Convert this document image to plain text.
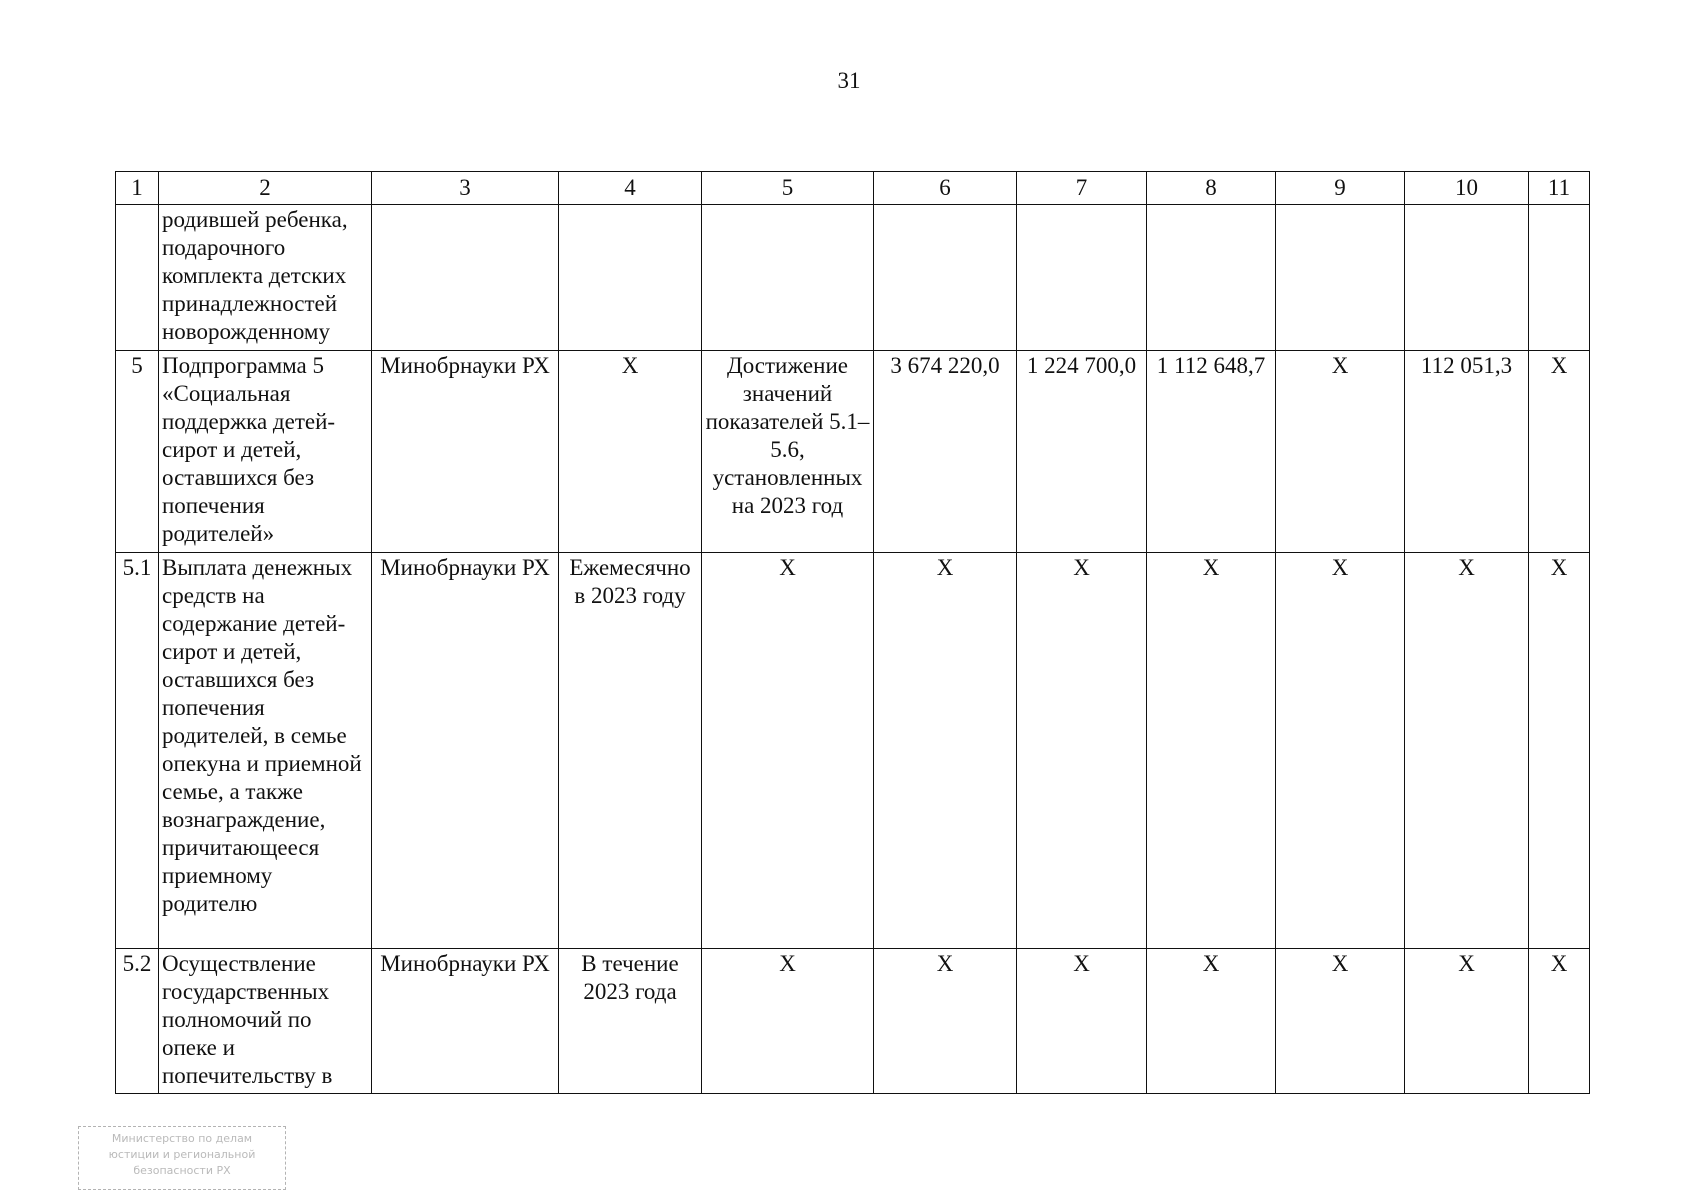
31
1	2	3	4	5	6	7	8	9	10	11
	родившей ребенка, подарочного комплекта детских принадлежностей новорожденному									
5	Подпрограмма 5 «Социальная поддержка детей-сирот и детей, оставшихся без попечения родителей»	Минобрнауки РХ	Х	Достижение значений показателей 5.1–5.6, установленных на 2023 год	3 674 220,0	1 224 700,0	1 112 648,7	Х	112 051,3	Х
5.1	Выплата денежных средств на содержание детей-сирот и детей, оставшихся без попечения родителей, в семье опекуна и приемной семье, а также вознаграждение, причитающееся приемному родителю	Минобрнауки РХ	Ежемесячно в 2023 году	Х	Х	Х	Х	Х	Х	Х
5.2	Осуществление государственных полномочий по опеке и попечительству в	Минобрнауки РХ	В течение 2023 года	Х	Х	Х	Х	Х	Х	Х
Министерство по делам
юстиции и региональной
безопасности РХ
